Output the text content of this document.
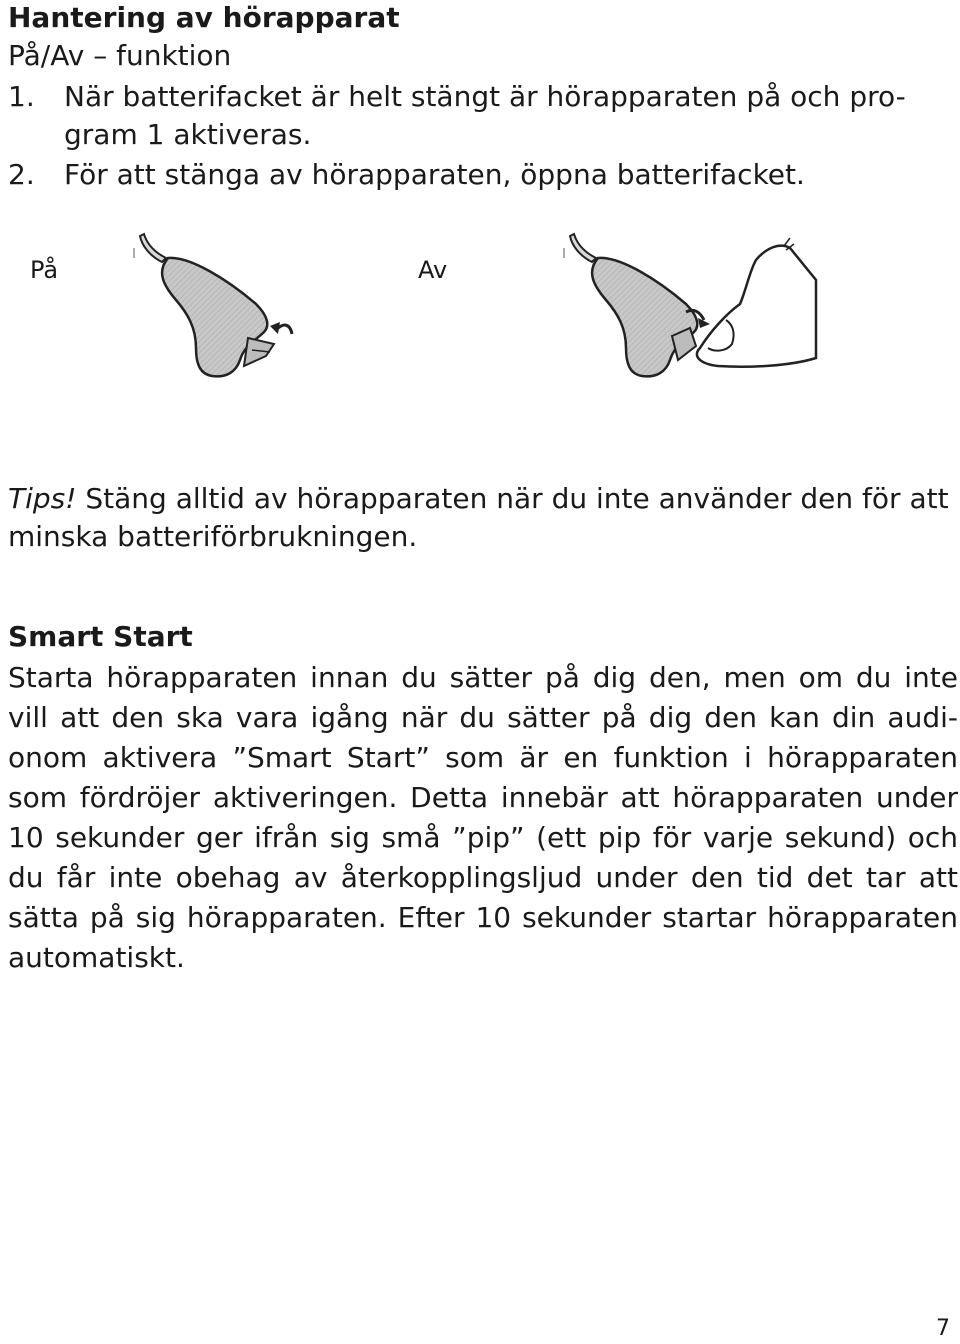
Hantering av hörapparat
På/Av – funktion
1. När batterifacket är helt stängt är hörapparaten på och pro-
gram 1 aktiveras.
2. För att stänga av hörapparaten, öppna batterifacket.
På	Av
Tips! Stäng alltid av hörapparaten när du inte använder den för att
minska batteriförbrukningen.
Smart Start
Starta hörapparaten innan du sätter på dig den, men om du inte
vill att den ska vara igång när du sätter på dig den kan din audi-
onom aktivera ”Smart Start” som är en funktion i hörapparaten
som fördröjer aktiveringen. Detta innebär att hörapparaten under
10 sekunder ger ifrån sig små ”pip” (ett pip för varje sekund) och
du får inte obehag av återkopplingsljud under den tid det tar att
sätta på sig hörapparaten. Efter 10 sekunder startar hörapparaten
automatiskt.
7
